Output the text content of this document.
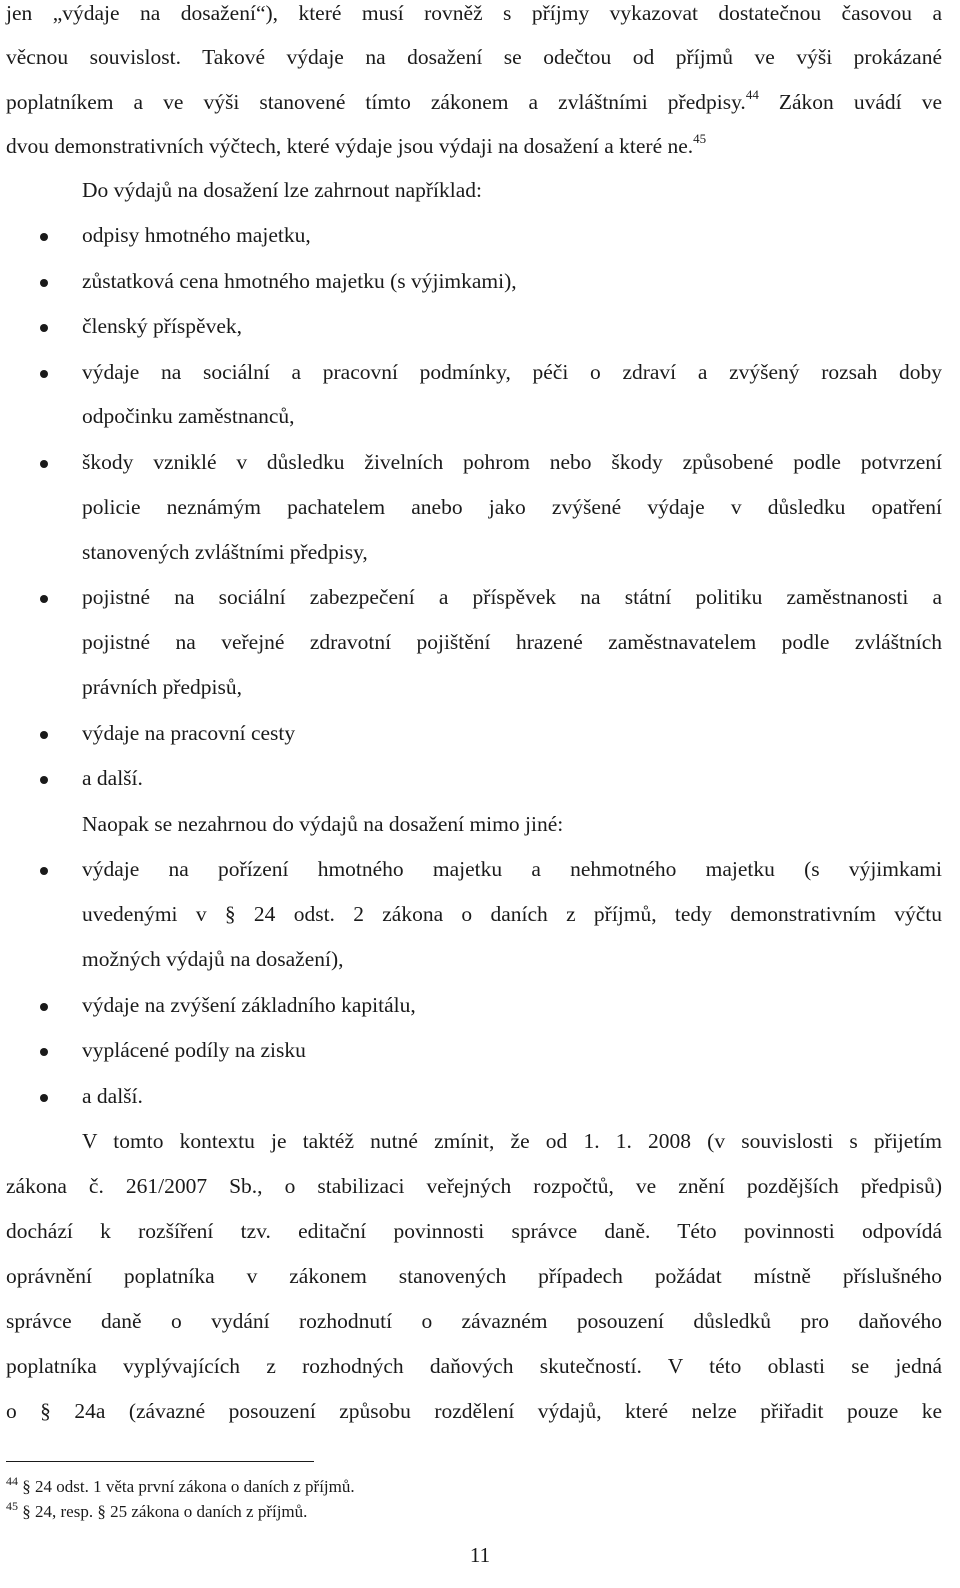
jen „výdaje na dosažení“), které musí rovněž s příjmy vykazovat dostatečnou časovou a
věcnou souvislost. Takové výdaje na dosažení se odečtou od příjmů ve výši prokázané
poplatníkem a ve výši stanovené tímto zákonem a zvláštními předpisy.$^{44}$ Zákon uvádí ve
dvou demonstrativních výčtech, které výdaje jsou výdaji na dosažení a které ne.$^{45}$
Do výdajů na dosažení lze zahrnout například:
odpisy hmotného majetku,
zůstatková cena hmotného majetku (s výjimkami),
členský příspěvek,
výdaje na sociální a pracovní podmínky, péči o zdraví a zvýšený rozsah doby
odpočinku zaměstnanců,
škody vzniklé v důsledku živelních pohrom nebo škody způsobené podle potvrzení
policie neznámým pachatelem anebo jako zvýšené výdaje v důsledku opatření
stanovených zvláštními předpisy,
pojistné na sociální zabezpečení a příspěvek na státní politiku zaměstnanosti a
pojistné na veřejné zdravotní pojištění hrazené zaměstnavatelem podle zvláštních
právních předpisů,
výdaje na pracovní cesty
a další.
Naopak se nezahrnou do výdajů na dosažení mimo jiné:
výdaje na pořízení hmotného majetku a nehmotného majetku (s výjimkami
uvedenými v § 24 odst. 2 zákona o daních z příjmů, tedy demonstrativním výčtu
možných výdajů na dosažení),
výdaje na zvýšení základního kapitálu,
vyplácené podíly na zisku
a další.
V tomto kontextu je taktéž nutné zmínit, že od 1. 1. 2008 (v souvislosti s přijetím
zákona č. 261/2007 Sb., o stabilizaci veřejných rozpočtů, ve znění pozdějších předpisů)
dochází k rozšíření tzv. editační povinnosti správce daně. Této povinnosti odpovídá
oprávnění poplatníka v zákonem stanovených případech požádat místně příslušného
správce daně o vydání rozhodnutí o závazném posouzení důsledků pro daňového
poplatníka vyplývajících z rozhodných daňových skutečností. V této oblasti se jedná
o § 24a (závazné posouzení způsobu rozdělení výdajů, které nelze přiřadit pouze ke
$^{44}$ § 24 odst. 1 věta první zákona o daních z příjmů.
$^{45}$ § 24, resp. § 25 zákona o daních z příjmů.
11
